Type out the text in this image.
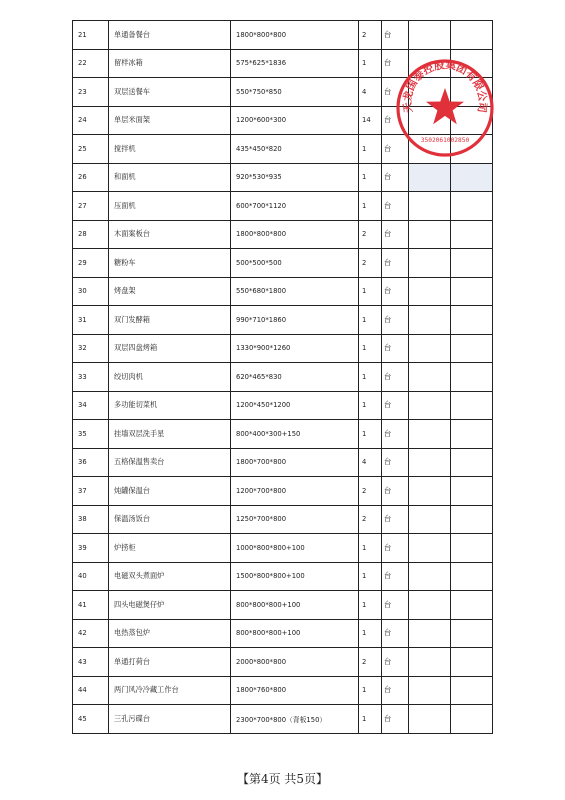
21	单通备餐台	1800*800*800	2	台		
22	留样冰箱	575*625*1836	1	台		
23	双层送餐车	550*750*850	4	台		
24	单层米面架	1200*600*300	14	台		
25	搅拌机	435*450*820	1	台		
26	和面机	920*530*935	1	台		
27	压面机	600*700*1120	1	台		
28	木面案板台	1800*800*800	2	台		
29	糖粉车	500*500*500	2	台		
30	烤盘架	550*680*1800	1	台		
31	双门发酵箱	990*710*1860	1	台		
32	双层四盘烤箱	1330*900*1260	1	台		
33	绞切肉机	620*465*830	1	台		
34	多功能切菜机	1200*450*1200	1	台		
35	挂墙双层洗手星	800*400*300+150	1	台		
36	五格保温售卖台	1800*700*800	4	台		
37	炖罐保温台	1200*700*800	2	台		
38	保温汤饭台	1250*700*800	2	台		
39	炉捞柜	1000*800*800+100	1	台		
40	电磁双头煮面炉	1500*800*800+100	1	台		
41	四头电磁煲仔炉	800*800*800+100	1	台		
42	电热蒸包炉	800*800*800+100	1	台		
43	单通打荷台	2000*800*800	2	台		
44	两门风冷冷藏工作台	1800*760*800	1	台		
45	三孔污碟台	2300*700*800（背板150）	1	台		
天龙国泰控股集团有限公司
3502061002850
【第4页 共5页】
